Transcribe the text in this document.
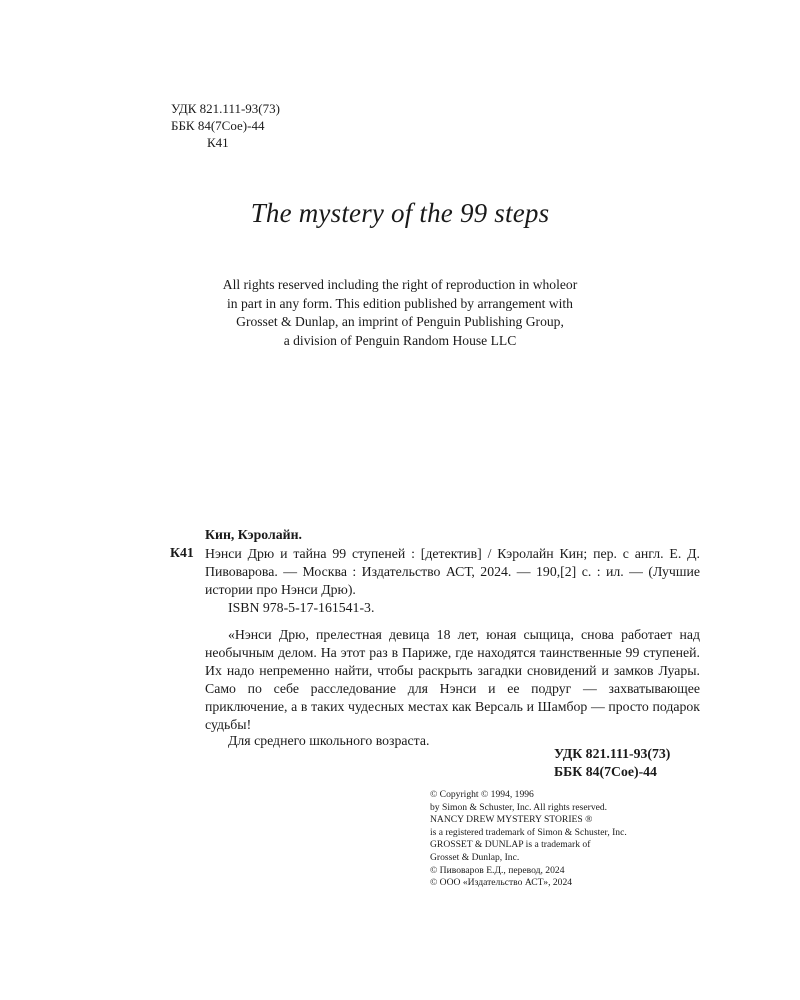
УДК 821.111-93(73)
ББК 84(7Сое)-44
К41
The mystery of the 99 steps
All rights reserved including the right of reproduction in wholeor
in part in any form. This edition published by arrangement with
Grosset & Dunlap, an imprint of Penguin Publishing Group,
a division of Penguin Random House LLC
Кин, Кэролайн.
К41 Нэнси Дрю и тайна 99 ступеней : [детектив] / Кэролайн Кин; пер. с англ. Е. Д. Пивоварова. — Москва : Издательство АСТ, 2024. — 190,[2] с. : ил. — (Лучшие истории про Нэнси Дрю).
ISBN 978-5-17-161541-3.
«Нэнси Дрю, прелестная девица 18 лет, юная сыщица, снова работает над необычным делом. На этот раз в Париже, где находятся таинственные 99 ступеней. Их надо непременно найти, чтобы раскрыть загадки сновидений и замков Луары. Само по себе расследование для Нэнси и ее подруг — захватывающее приключение, а в таких чудесных местах как Версаль и Шамбор — просто подарок судьбы!
Для среднего школьного возраста.
УДК 821.111-93(73)
ББК 84(7Сое)-44
© Copyright © 1994, 1996
by Simon & Schuster, Inc. All rights reserved.
NANCY DREW MYSTERY STORIES ®
is a registered trademark of Simon & Schuster, Inc.
GROSSET & DUNLAP is a trademark of
Grosset & Dunlap, Inc.
© Пивоваров Е.Д., перевод, 2024
© ООО «Издательство АСТ», 2024
